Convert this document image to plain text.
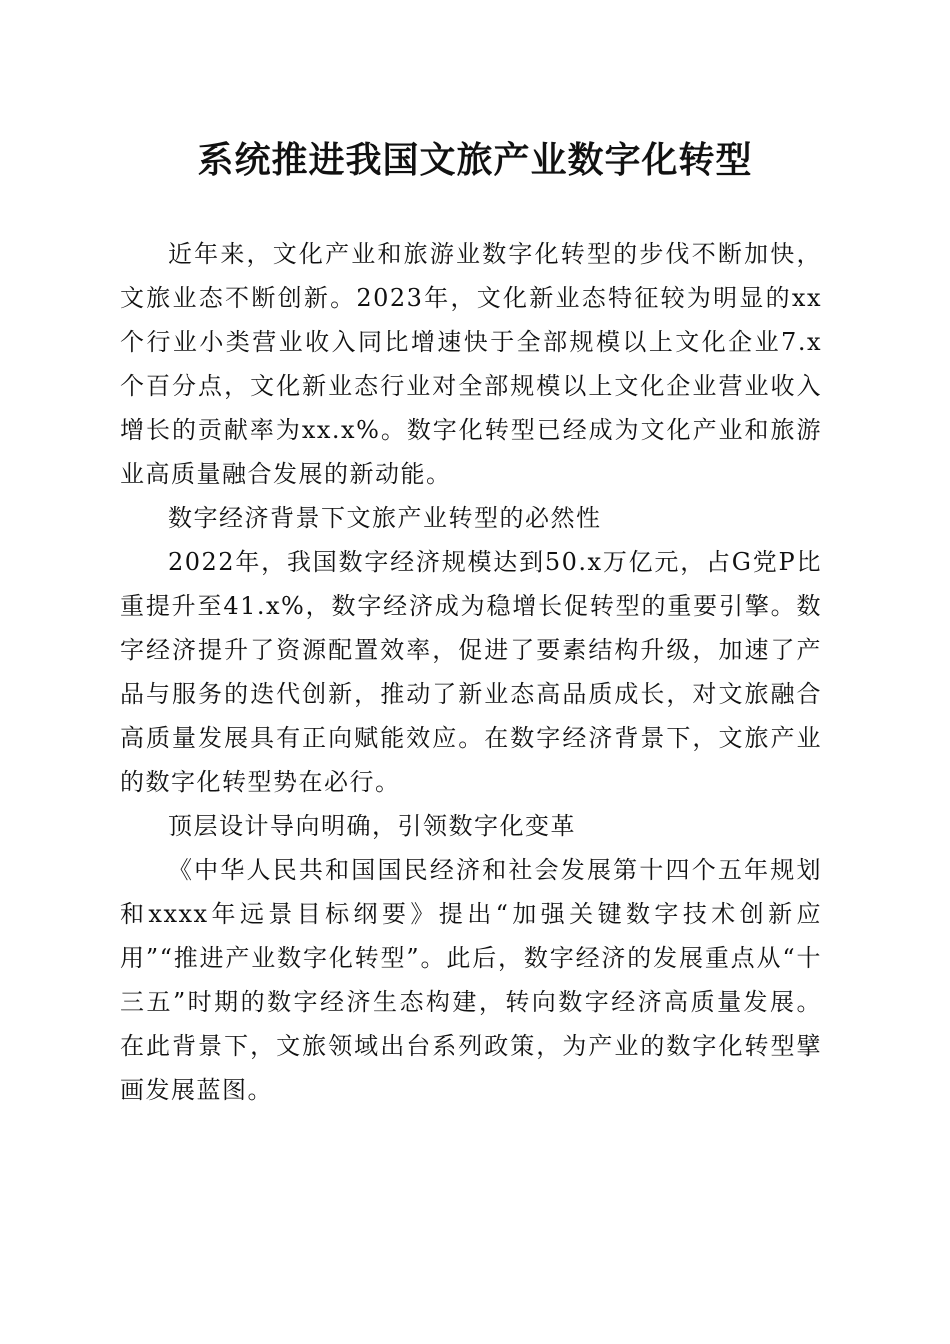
系统推进我国文旅产业数字化转型

近年来，文化产业和旅游业数字化转型的步伐不断加快，文旅业态不断创新。2023年，文化新业态特征较为明显的xx个行业小类营业收入同比增速快于全部规模以上文化企业7.x个百分点，文化新业态行业对全部规模以上文化企业营业收入增长的贡献率为xx.x%。数字化转型已经成为文化产业和旅游业高质量融合发展的新动能。

数字经济背景下文旅产业转型的必然性

2022年，我国数字经济规模达到50.x万亿元，占G党P比重提升至41.x%，数字经济成为稳增长促转型的重要引擎。数字经济提升了资源配置效率，促进了要素结构升级，加速了产品与服务的迭代创新，推动了新业态高品质成长，对文旅融合高质量发展具有正向赋能效应。在数字经济背景下，文旅产业的数字化转型势在必行。

顶层设计导向明确，引领数字化变革

《中华人民共和国国民经济和社会发展第十四个五年规划和xxxx年远景目标纲要》提出“加强关键数字技术创新应用”“推进产业数字化转型”。此后，数字经济的发展重点从“十三五”时期的数字经济生态构建，转向数字经济高质量发展。在此背景下，文旅领域出台系列政策，为产业的数字化转型擘画发展蓝图。
